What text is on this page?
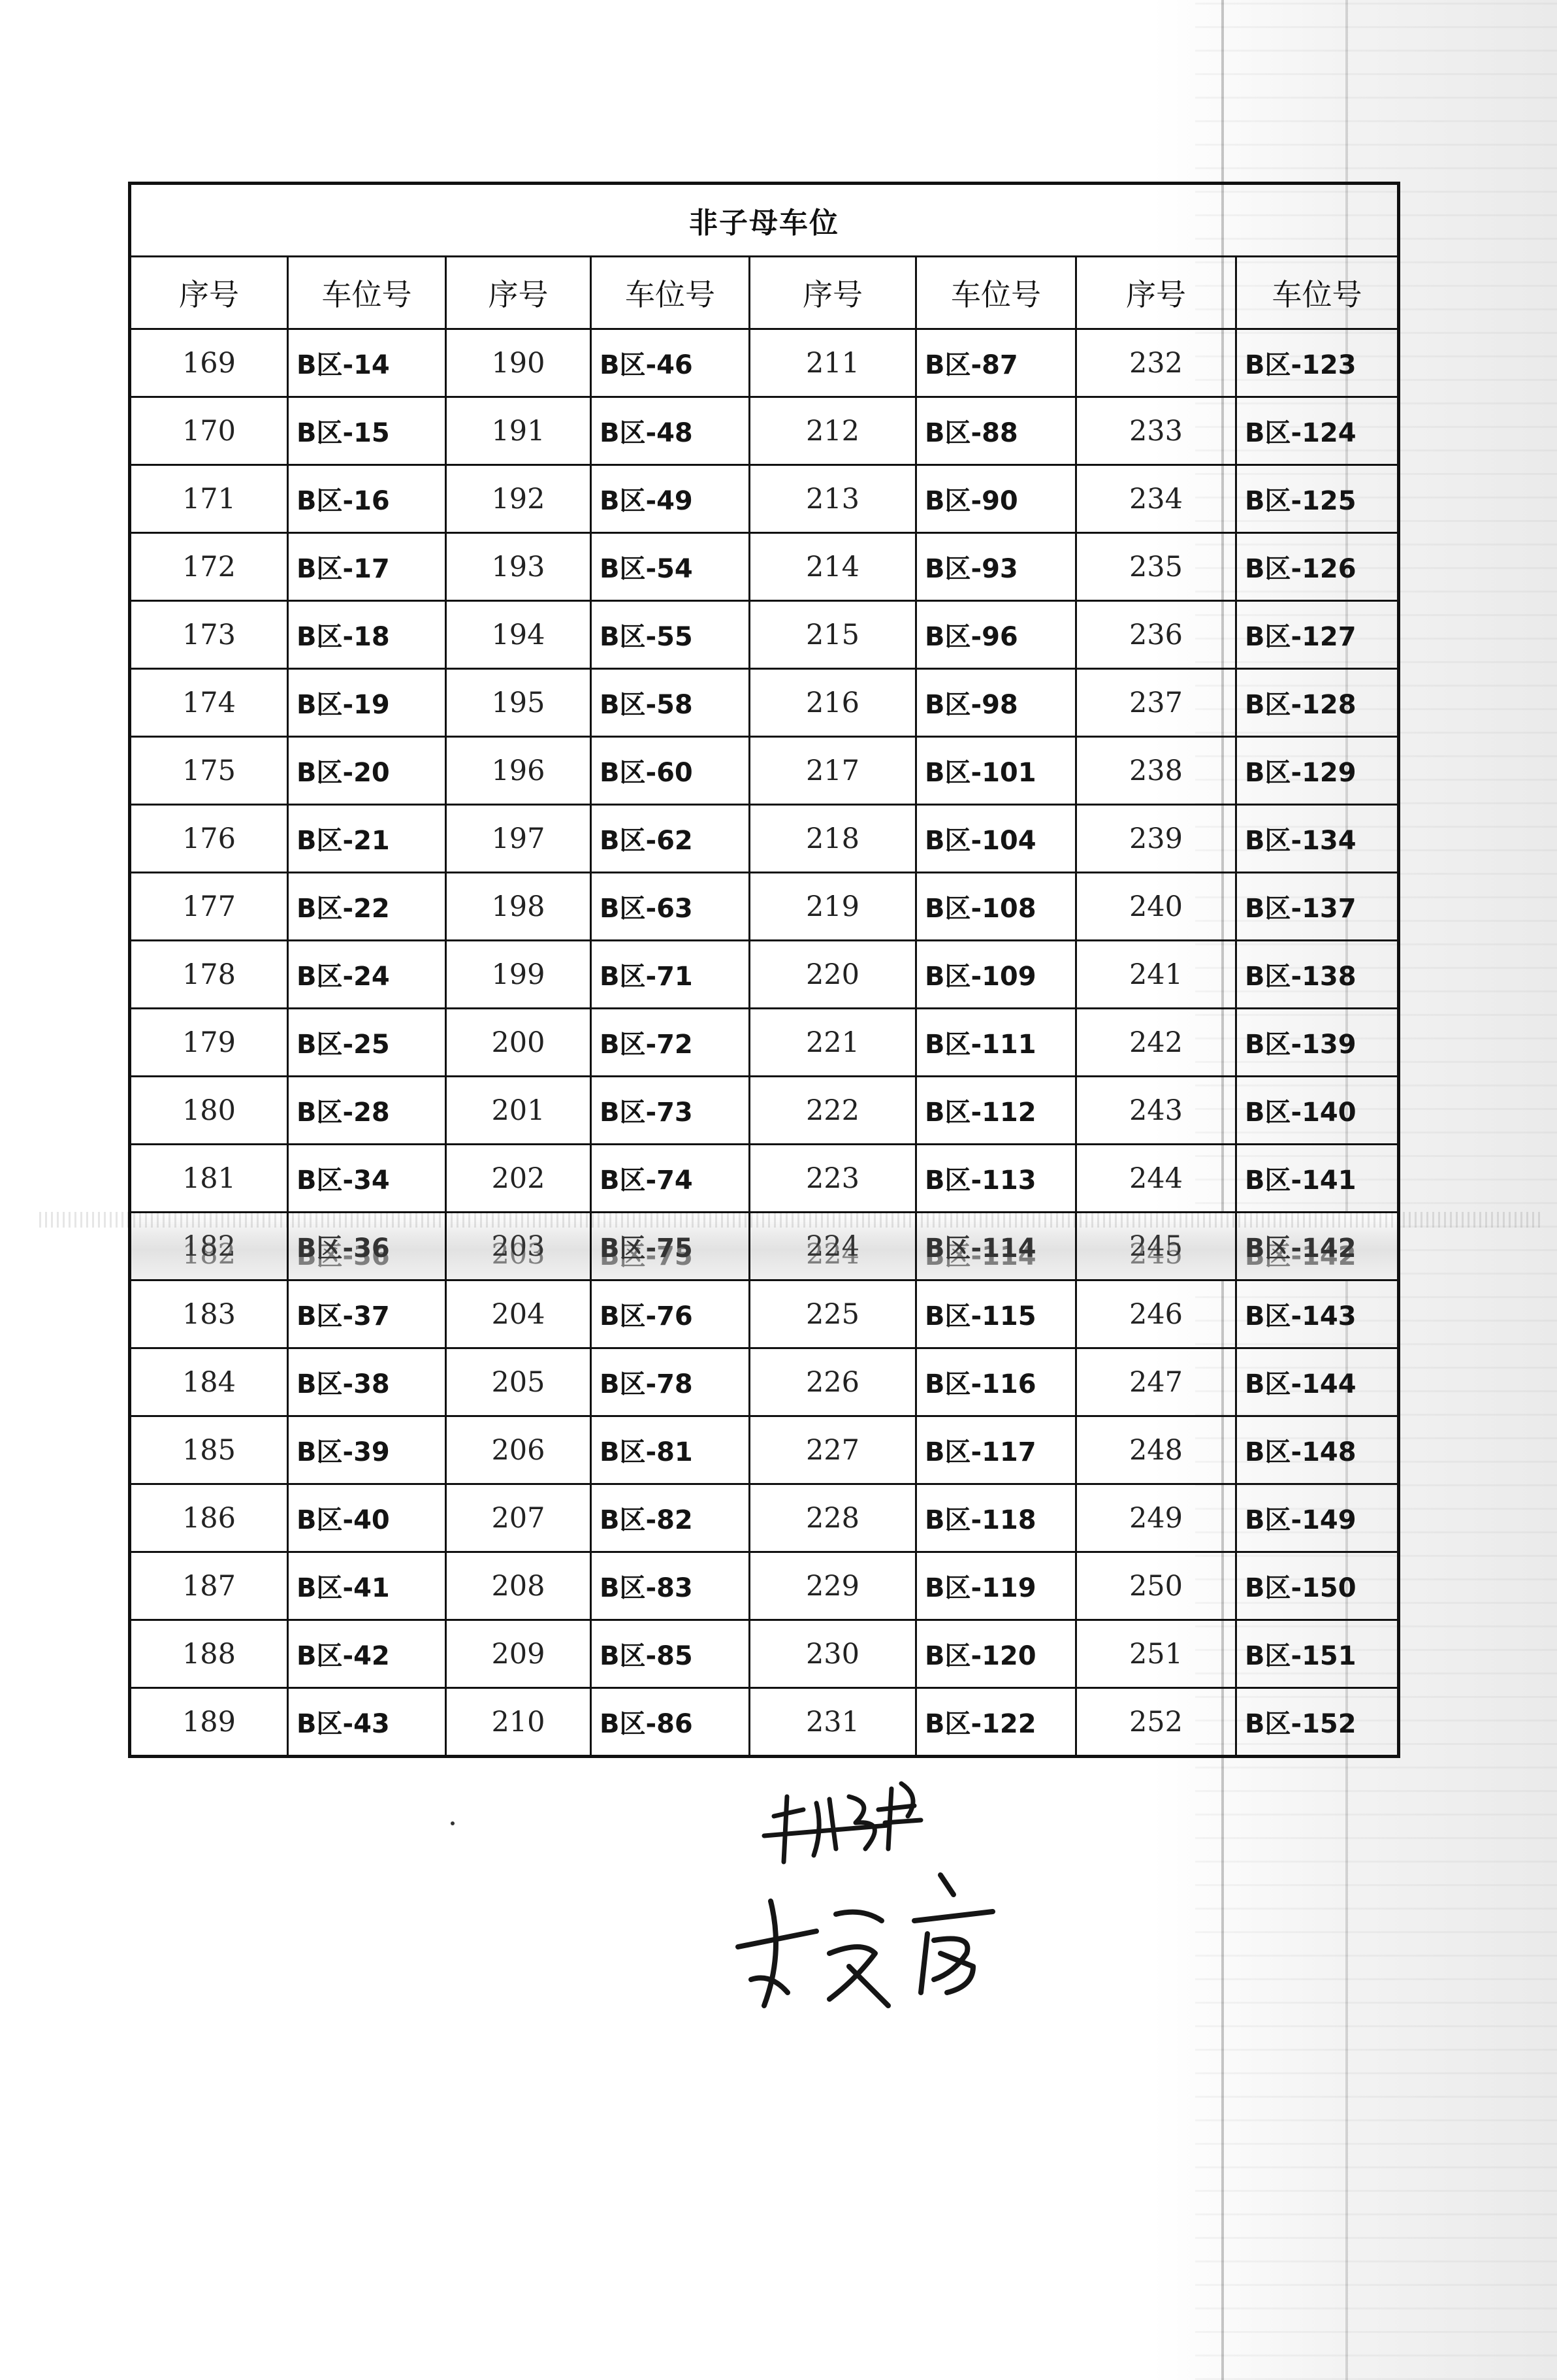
非子母车位							
序号	车位号	序号	车位号	序号	车位号	序号	车位号
169	B区-14	190	B区-46	211	B区-87	232	B区-123
170	B区-15	191	B区-48	212	B区-88	233	B区-124
171	B区-16	192	B区-49	213	B区-90	234	B区-125
172	B区-17	193	B区-54	214	B区-93	235	B区-126
173	B区-18	194	B区-55	215	B区-96	236	B区-127
174	B区-19	195	B区-58	216	B区-98	237	B区-128
175	B区-20	196	B区-60	217	B区-101	238	B区-129
176	B区-21	197	B区-62	218	B区-104	239	B区-134
177	B区-22	198	B区-63	219	B区-108	240	B区-137
178	B区-24	199	B区-71	220	B区-109	241	B区-138
179	B区-25	200	B区-72	221	B区-111	242	B区-139
180	B区-28	201	B区-73	222	B区-112	243	B区-140
181	B区-34	202	B区-74	223	B区-113	244	B区-141
182	B区-36	203	B区-75	224	B区-114	245	B区-142
183	B区-37	204	B区-76	225	B区-115	246	B区-143
184	B区-38	205	B区-78	226	B区-116	247	B区-144
185	B区-39	206	B区-81	227	B区-117	248	B区-148
186	B区-40	207	B区-82	228	B区-118	249	B区-149
187	B区-41	208	B区-83	229	B区-119	250	B区-150
188	B区-42	209	B区-85	230	B区-120	251	B区-151
189	B区-43	210	B区-86	231	B区-122	252	B区-152
